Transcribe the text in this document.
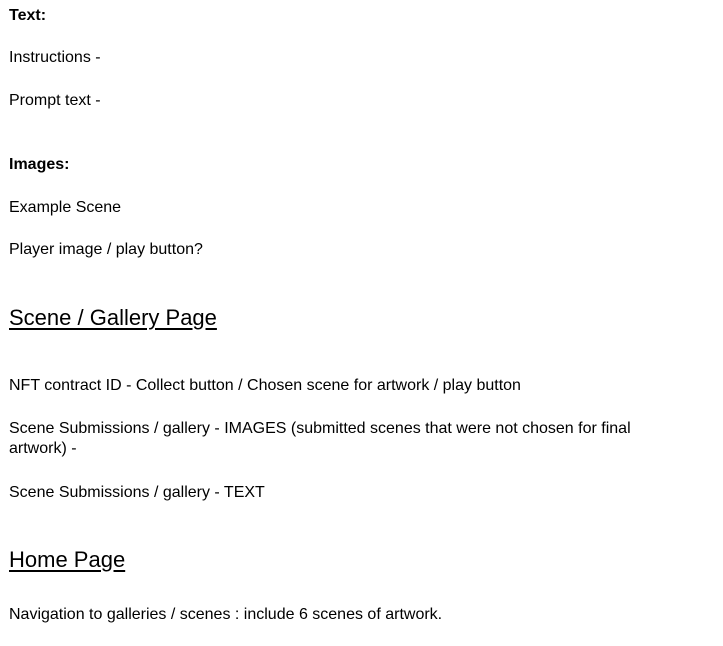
Text:

Instructions -

Prompt text -

Images:

Example Scene

Player image / play button?

Scene / Gallery Page

NFT contract ID - Collect button / Chosen scene for artwork / play button

Scene Submissions / gallery - IMAGES (submitted scenes that were not chosen for final artwork) -

Scene Submissions / gallery - TEXT

Home Page

Navigation to galleries / scenes : include 6 scenes of artwork.
